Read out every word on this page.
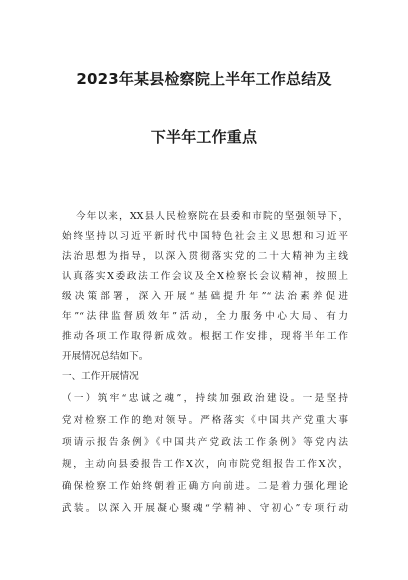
2023年某县检察院上半年工作总结及
下半年工作重点
今年以来，XX县人民检察院在县委和市院的坚强领导下，
始终坚持以习近平新时代中国特色社会主义思想和习近平
法治思想为指导，以深入贯彻落实党的二十大精神为主线
认真落实X委政法工作会议及全X检察长会议精神，按照上
级决策部署，深入开展“基础提升年”“法治素养促进
年”“法律监督质效年”活动，全力服务中心大局、有力
推动各项工作取得新成效。根据工作安排，现将半年工作
开展情况总结如下。
一、工作开展情况
（一）筑牢“忠诚之魂”，持续加强政治建设。一是坚持
党对检察工作的绝对领导。严格落实《中国共产党重大事
项请示报告条例》《中国共产党政法工作条例》等党内法
规，主动向县委报告工作X次，向市院党组报告工作X次，
确保检察工作始终朝着正确方向前进。二是着力强化理论
武装。以深入开展凝心聚魂“学精神、守初心”专项行动
